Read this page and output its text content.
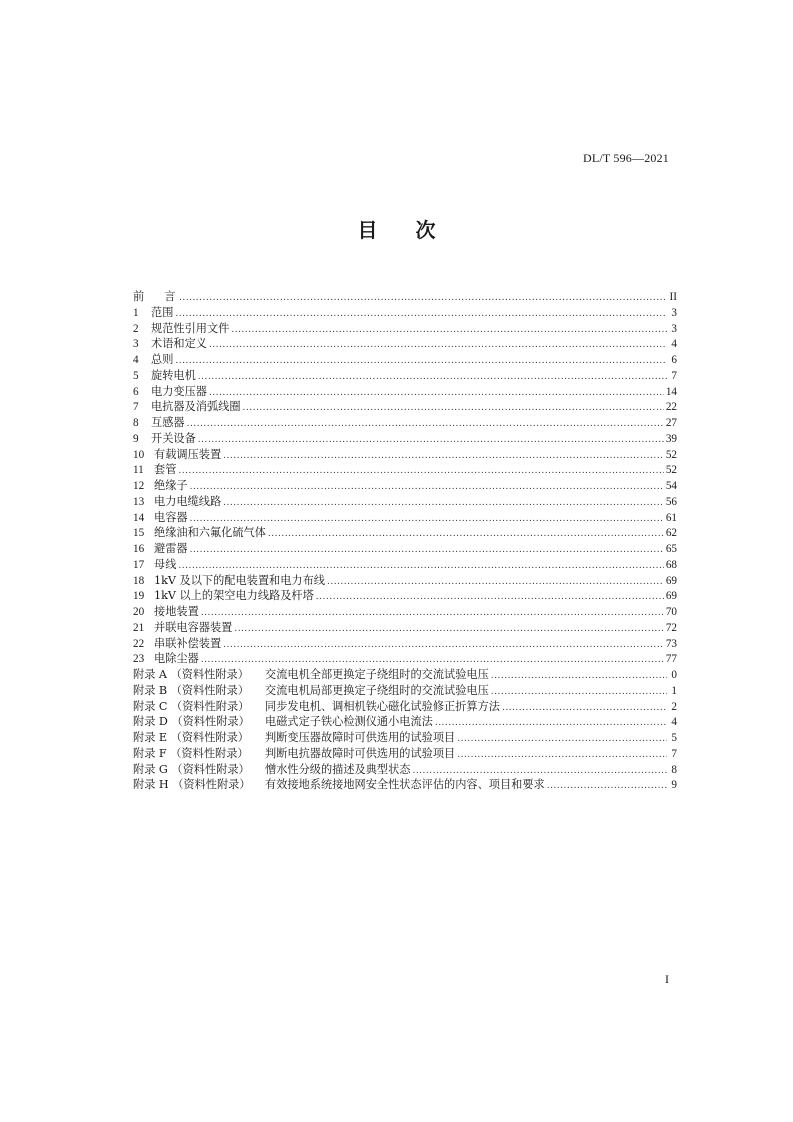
DL/T 596—2021
目 次
前 言 .....	II
1	范围 .....	3
2	规范性引用文件 .....	3
3	术语和定义 .....	4
4	总则 .....	6
5	旋转电机 .....	7
6	电力变压器 .....	14
7	电抗器及消弧线圈 .....	22
8	互感器 .....	27
9	开关设备 .....	39
10 有载调压装置 .....	52
11 套管 .....	52
12 绝缘子 .....	54
13 电力电缆线路 .....	56
14 电容器 .....	61
15 绝缘油和六氟化硫气体 .....	62
16 避雷器 .....	65
17 母线 .....	68
18 1kV 及以下的配电装置和电力布线 .....	69
19 1kV 以上的架空电力线路及杆塔 .....	69
20 接地装置 .....	70
21 并联电容器装置 .....	72
22 串联补偿装置 .....	73
23 电除尘器 .....	77
附录 A （资料性附录）	交流电机全部更换定子绕组时的交流试验电压 .....	0
附录 B （资料性附录）	交流电机局部更换定子绕组时的交流试验电压 .....	1
附录 C （资料性附录）	同步发电机、调相机铁心磁化试验修正折算方法 .....	2
附录 D （资料性附录）	电磁式定子铁心检测仪通小电流法 .....	4
附录 E （资料性附录）	判断变压器故障时可供选用的试验项目 .....	5
附录 F （资料性附录）	判断电抗器故障时可供选用的试验项目 .....	7
附录 G （资料性附录）	憎水性分级的描述及典型状态 .....	8
附录 H （资料性附录）	有效接地系统接地网安全性状态评估的内容、项目和要求 .....	9
I
